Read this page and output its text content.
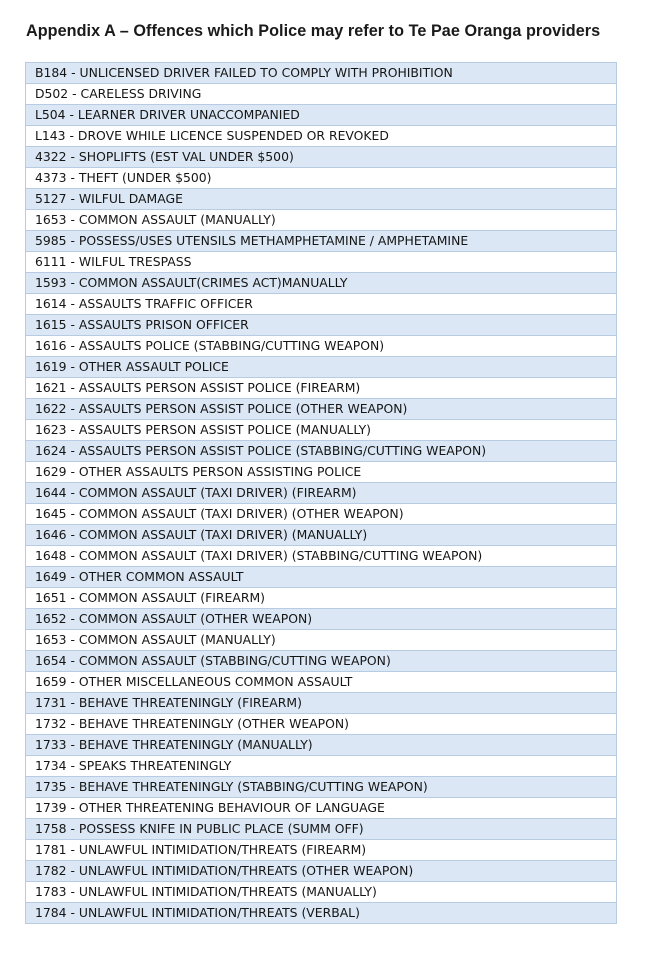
Appendix A – Offences which Police may refer to Te Pae Oranga providers
B184 - UNLICENSED DRIVER FAILED TO COMPLY WITH PROHIBITION
D502 - CARELESS DRIVING
L504 - LEARNER DRIVER UNACCOMPANIED
L143 - DROVE WHILE LICENCE SUSPENDED OR REVOKED
4322 - SHOPLIFTS (EST VAL UNDER $500)
4373 - THEFT (UNDER $500)
5127 - WILFUL DAMAGE
1653 - COMMON ASSAULT (MANUALLY)
5985 - POSSESS/USES UTENSILS METHAMPHETAMINE / AMPHETAMINE
6111 - WILFUL TRESPASS
1593 - COMMON ASSAULT(CRIMES ACT)MANUALLY
1614 - ASSAULTS TRAFFIC OFFICER
1615 - ASSAULTS PRISON OFFICER
1616 - ASSAULTS POLICE (STABBING/CUTTING WEAPON)
1619 - OTHER ASSAULT POLICE
1621 - ASSAULTS PERSON ASSIST POLICE (FIREARM)
1622 - ASSAULTS PERSON ASSIST POLICE (OTHER WEAPON)
1623 - ASSAULTS PERSON ASSIST POLICE (MANUALLY)
1624 - ASSAULTS PERSON ASSIST POLICE (STABBING/CUTTING WEAPON)
1629 - OTHER ASSAULTS PERSON ASSISTING POLICE
1644 - COMMON ASSAULT (TAXI DRIVER) (FIREARM)
1645 - COMMON ASSAULT (TAXI DRIVER) (OTHER WEAPON)
1646 - COMMON ASSAULT (TAXI DRIVER) (MANUALLY)
1648 - COMMON ASSAULT (TAXI DRIVER) (STABBING/CUTTING WEAPON)
1649 - OTHER COMMON ASSAULT
1651 - COMMON ASSAULT (FIREARM)
1652 - COMMON ASSAULT (OTHER WEAPON)
1653 - COMMON ASSAULT (MANUALLY)
1654 - COMMON ASSAULT (STABBING/CUTTING WEAPON)
1659 - OTHER MISCELLANEOUS COMMON ASSAULT
1731 - BEHAVE THREATENINGLY (FIREARM)
1732 - BEHAVE THREATENINGLY (OTHER WEAPON)
1733 - BEHAVE THREATENINGLY (MANUALLY)
1734 - SPEAKS THREATENINGLY
1735 - BEHAVE THREATENINGLY (STABBING/CUTTING WEAPON)
1739 - OTHER THREATENING BEHAVIOUR OF LANGUAGE
1758 - POSSESS KNIFE IN PUBLIC PLACE (SUMM OFF)
1781 - UNLAWFUL INTIMIDATION/THREATS (FIREARM)
1782 - UNLAWFUL INTIMIDATION/THREATS (OTHER WEAPON)
1783 - UNLAWFUL INTIMIDATION/THREATS (MANUALLY)
1784 - UNLAWFUL INTIMIDATION/THREATS (VERBAL)
